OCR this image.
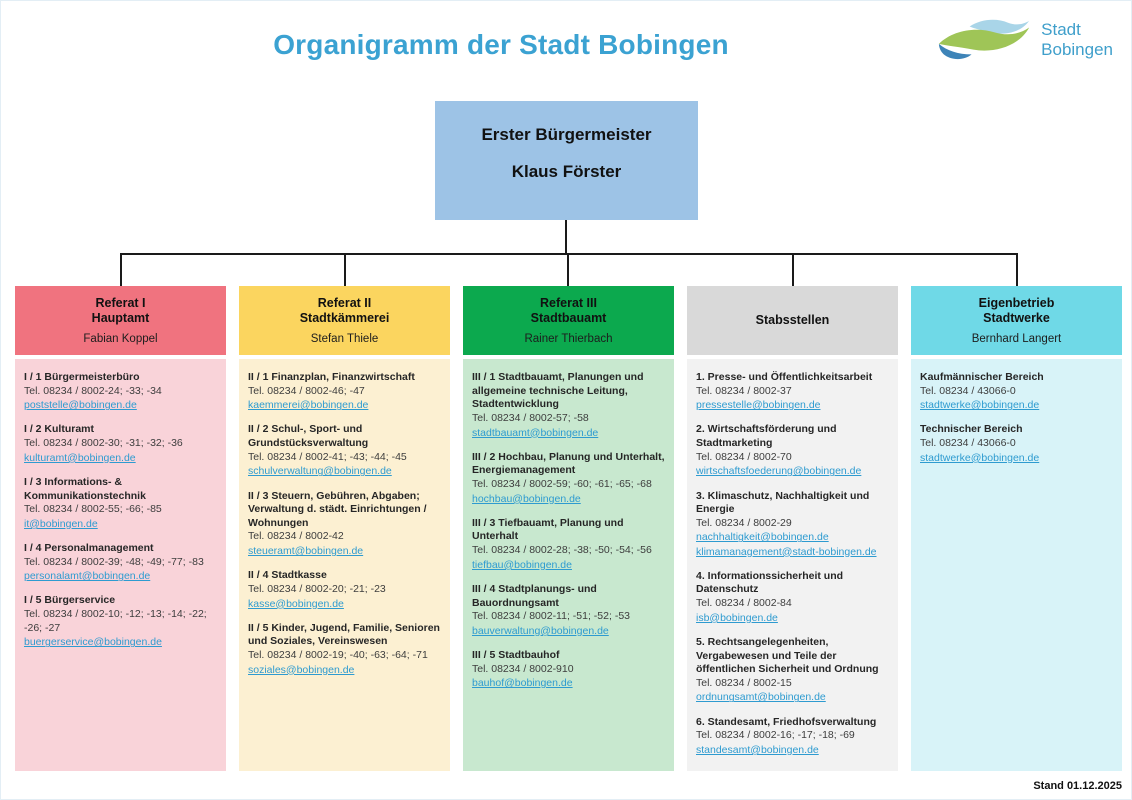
Organigramm der Stadt Bobingen	Stadt
Bobingen
Erster Bürgermeister
Klaus Förster
Referat I
Hauptamt
Fabian Koppel
I / 1 Bürgermeisterbüro
Tel. 08234 / 8002-24; -33; -34
poststelle@bobingen.de
I / 2 Kulturamt
Tel. 08234 / 8002-30; -31; -32; -36
kulturamt@bobingen.de
I / 3 Informations- & Kommunikationstechnik
Tel. 08234 / 8002-55; -66; -85
it@bobingen.de
I / 4 Personalmanagement
Tel. 08234 / 8002-39; -48; -49; -77; -83
personalamt@bobingen.de
I / 5 Bürgerservice
Tel. 08234 / 8002-10; -12; -13; -14; -22; -26; -27
buergerservice@bobingen.de
Referat II
Stadtkämmerei
Stefan Thiele
II / 1 Finanzplan, Finanzwirtschaft
Tel. 08234 / 8002-46; -47
kaemmerei@bobingen.de
II / 2 Schul-, Sport- und Grundstücksverwaltung
Tel. 08234 / 8002-41; -43; -44; -45
schulverwaltung@bobingen.de
II / 3 Steuern, Gebühren, Abgaben; Verwaltung d. städt. Einrichtungen / Wohnungen
Tel. 08234 / 8002-42
steueramt@bobingen.de
II / 4 Stadtkasse
Tel. 08234 / 8002-20; -21; -23
kasse@bobingen.de
II / 5 Kinder, Jugend, Familie, Senioren und Soziales, Vereinswesen
Tel. 08234 / 8002-19; -40; -63; -64; -71
soziales@bobingen.de
Referat III
Stadtbauamt
Rainer Thierbach
III / 1 Stadtbauamt, Planungen und allgemeine technische Leitung, Stadtentwicklung
Tel. 08234 / 8002-57; -58
stadtbauamt@bobingen.de
III / 2 Hochbau, Planung und Unterhalt, Energiemanagement
Tel. 08234 / 8002-59; -60; -61; -65; -68
hochbau@bobingen.de
III / 3 Tiefbauamt, Planung und Unterhalt
Tel. 08234 / 8002-28; -38; -50; -54; -56
tiefbau@bobingen.de
III / 4 Stadtplanungs- und Bauordnungsamt
Tel. 08234 / 8002-11; -51; -52; -53
bauverwaltung@bobingen.de
III / 5 Stadtbauhof
Tel. 08234 / 8002-910
bauhof@bobingen.de
Stabsstellen
1. Presse- und Öffentlichkeitsarbeit
Tel. 08234 / 8002-37
pressestelle@bobingen.de
2. Wirtschaftsförderung und Stadtmarketing
Tel. 08234 / 8002-70
wirtschaftsfoederung@bobingen.de
3. Klimaschutz, Nachhaltigkeit und Energie
Tel. 08234 / 8002-29
nachhaltigkeit@bobingen.de
klimamanagement@stadt-bobingen.de
4. Informationssicherheit und Datenschutz
Tel. 08234 / 8002-84
isb@bobingen.de
5. Rechtsangelegenheiten, Vergabewesen und Teile der öffentlichen Sicherheit und Ordnung
Tel. 08234 / 8002-15
ordnungsamt@bobingen.de
6. Standesamt, Friedhofsverwaltung
Tel. 08234 / 8002-16; -17; -18; -69
standesamt@bobingen.de
Eigenbetrieb
Stadtwerke
Bernhard Langert
Kaufmännischer Bereich
Tel. 08234 / 43066-0
stadtwerke@bobingen.de
Technischer Bereich
Tel. 08234 / 43066-0
stadtwerke@bobingen.de
Stand 01.12.2025
